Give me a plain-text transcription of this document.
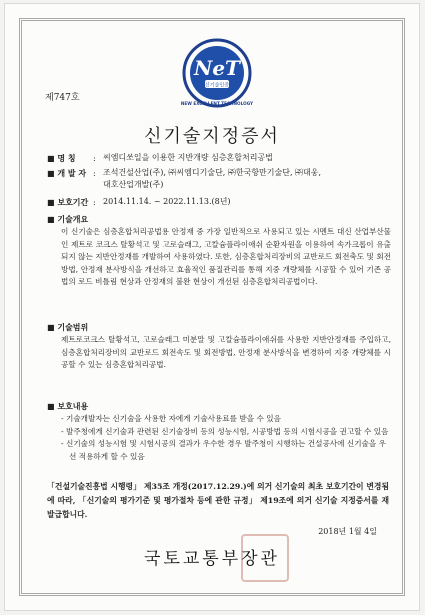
NeT
신기술인증
NEW EXCELLENT TECHNOLOGY
제747호
신기술지정증서
■ 명 칭 : 씨엠디쏘일을 이용한 지반개량 심층혼합처리공법
■ 개 발 자 : 조석건설산업(주), ㈜씨엠디기술단, ㈜한국항만기술단, ㈜대웅,
대호산업개발(주)
■ 보호기간 : 2014.11.14. ~ 2022.11.13.(8년)
■ 기술개요
이 신기술은 심층혼합처리공법용 안정재 중 가장 일반적으로 사용되고 있는 시멘트 대신 산업부산물인 제트로 코크스 탈황석고 및 고로슬래그, 고칼슘플라이애쉬 순환자원을 이용하여 속가크롭이 유출되지 않는 지반안정재를 개발하여 사용하였다. 또한, 심층혼합처리장비의 교반로드 회전축도 및 회전방법, 안정재 분사방식을 개선하고 효율적인 품질관리를 통해 지중 개량체를 시공할 수 있어 기존 공법의 로드 비틀림 현상과 안정재의 불완 현상이 개선된 심층혼합처리공법이다.
■ 기술범위
제트로코크스 탈황석고, 고로슬래그 미분말 및 고칼슘플라이애쉬를 사용한 지반안정재를 주입하고, 심층혼합처리장비의 교반로드 회전속도 및 회전방법, 안정재 분사방식을 변경하여 지중 개량체를 시공할 수 있는 심층혼합처리공법.
■ 보호내용
- 기술개발자는 신기술을 사용한 자에게 기술사용료를 받을 수 있음
- 발주청에게 신기술과 관련된 신기술장비 등의 성능시험, 시공방법 등의 시험시공을 권고할 수 있음
- 신기술의 성능시험 및 시험시공의 결과가 우수한 경우 발주청이 시행하는 건설공사에 신기술을 우선 적용하게 할 수 있음
「건설기술진흥법 시행령」 제35조 개정(2017.12.29.)에 의거 신기술의 최초 보호기간이 변경됨에 따라, 「신기술의 평가기준 및 평가절차 등에 관한 규정」 제19조에 의거 신기술 지정증서를 재발급합니다.
2018년 1월 4일
국토교통부장관
